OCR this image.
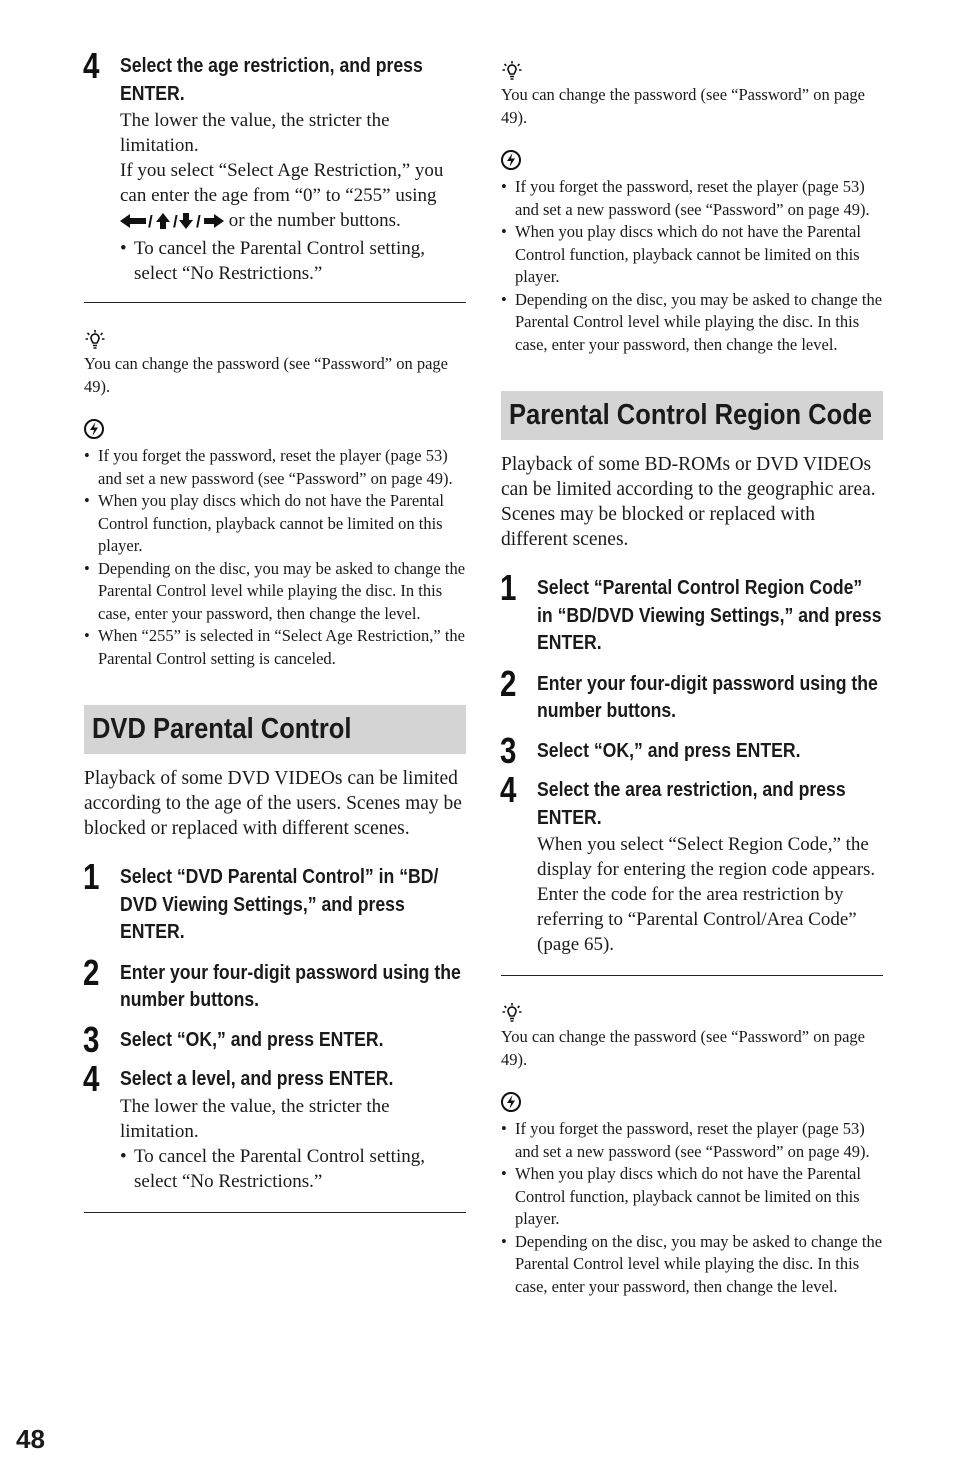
4 Select the age restriction, and press ENTER.

The lower the value, the stricter the limitation.

If you select “Select Age Restriction,” you can enter the age from “0” to “255” using
/ / / or the number buttons.

• To cancel the Parental Control setting, select “No Restrictions.”

You can change the password (see “Password” on page 49).

• If you forget the password, reset the player (page 53) and set a new password (see “Password” on page 49).
• When you play discs which do not have the Parental Control function, playback cannot be limited on this player.
• Depending on the disc, you may be asked to change the Parental Control level while playing the disc. In this case, enter your password, then change the level.
• When “255” is selected in “Select Age Restriction,” the Parental Control setting is canceled.
DVD Parental Control

Playback of some DVD VIDEOs can be limited according to the age of the users. Scenes may be blocked or replaced with different scenes.

1 Select “DVD Parental Control” in “BD/ DVD Viewing Settings,” and press ENTER.
2 Enter your four-digit password using the number buttons.
3 Select “OK,” and press ENTER.
4 Select a level, and press ENTER.

The lower the value, the stricter the limitation.

• To cancel the Parental Control setting, select “No Restrictions.”

You can change the password (see “Password” on page 49).

• If you forget the password, reset the player (page 53) and set a new password (see “Password” on page 49).
• When you play discs which do not have the Parental Control function, playback cannot be limited on this player.
• Depending on the disc, you may be asked to change the Parental Control level while playing the disc. In this case, enter your password, then change the level.
Parental Control Region Code

Playback of some BD-ROMs or DVD VIDEOs can be limited according to the geographic area. Scenes may be blocked or replaced with different scenes.

1 Select “Parental Control Region Code” in “BD/DVD Viewing Settings,” and press ENTER.
2 Enter your four-digit password using the number buttons.
3 Select “OK,” and press ENTER.
4 Select the area restriction, and press ENTER.

When you select “Select Region Code,” the display for entering the region code appears. Enter the code for the area restriction by referring to “Parental Control/Area Code” (page 65).

You can change the password (see “Password” on page 49).

• If you forget the password, reset the player (page 53) and set a new password (see “Password” on page 49).
• When you play discs which do not have the Parental Control function, playback cannot be limited on this player.
• Depending on the disc, you may be asked to change the Parental Control level while playing the disc. In this case, enter your password, then change the level.
48
